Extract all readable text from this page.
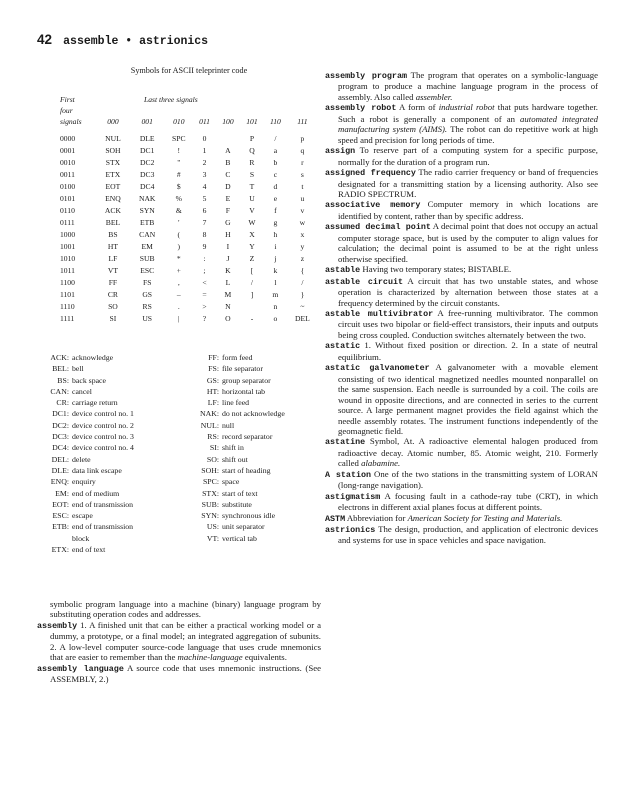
42 assemble • astrionics
Symbols for ASCII teleprinter code
First	Last three signals							
four								
signals	000	001	010	011	100	101	110	111

0000	NUL	DLE	SPC	0		P	/	p
0001	SOH	DC1	!	1	A	Q	a	q
0010	STX	DC2	"	2	B	R	b	r
0011	ETX	DC3	#	3	C	S	c	s
0100	EOT	DC4	$	4	D	T	d	t
0101	ENQ	NAK	%	5	E	U	e	u
0110	ACK	SYN	&	6	F	V	f	v
0111	BEL	ETB	'	7	G	W	g	w
1000	BS	CAN	(	8	H	X	h	x
1001	HT	EM	)	9	I	Y	i	y
1010	LF	SUB	*	:	J	Z	j	z
1011	VT	ESC	+	;	K	[	k	{
1100	FF	FS	,	<	L	/	l	/
1101	CR	GS	–	=	M	]	m	}
1110	SO	RS	.	>	N		n	~
1111	SI	US	|	?	O	-	o	DEL
ACK: acknowledge
BEL: bell
BS: back space
CAN: cancel
CR: carriage return
DC1: device control no. 1
DC2: device control no. 2
DC3: device control no. 3
DC4: device control no. 4
DEL: delete
DLE: data link escape
ENQ: enquiry
EM: end of medium
EOT: end of transmission
ESC: escape
ETB: end of transmission
block
ETX: end of text
FF: form feed
FS: file separator
GS: group separator
HT: horizontal tab
LF: line feed
NAK: do not acknowledge
NUL: null
RS: record separator
SI: shift in
SO: shift out
SOH: start of heading
SPC: space
STX: start of text
SUB: substitute
SYN: synchronous idle
US: unit separator
VT: vertical tab

symbolic program language into a machine (binary) language program by substituting operation codes and addresses.

assembly 1. A finished unit that can be either a practical working model or a dummy, a prototype, or a final model; an integrated aggregation of subunits. 2. A low-level computer source-code language that uses crude mnemonics that are easier to remember than the machine-language equivalents.

assembly language A source code that uses mnemonic instructions. (See ASSEMBLY, 2.)

assembly program The program that operates on a symbolic-language program to produce a machine language program in the process of assembly. Also called assembler.

assembly robot A form of industrial robot that puts hardware together. Such a robot is generally a component of an automated integrated manufacturing system (AIMS). The robot can do repetitive work at high speed and precision for long periods of time.

assign To reserve part of a computing system for a specific purpose, normally for the duration of a program run.

assigned frequency The radio carrier frequency or band of frequencies designated for a transmitting station by a licensing authority. Also see RADIO SPECTRUM.

associative memory Computer memory in which locations are identified by content, rather than by specific address.

assumed decimal point A decimal point that does not occupy an actual computer storage space, but is used by the computer to align values for calculation; the decimal point is assumed to be at the right unless otherwise specified.

astable Having two temporary states; BISTABLE.

astable circuit A circuit that has two unstable states, and whose operation is characterized by alternation between those states at a frequency determined by the circuit constants.

astable multivibrator A free-running multivibrator. The common circuit uses two bipolar or field-effect transistors, their inputs and outputs being cross coupled. Conduction switches alternately between the two.

astatic 1. Without fixed position or direction. 2. In a state of neutral equilibrium.

astatic galvanometer A galvanometer with a movable element consisting of two identical magnetized needles mounted nonparallel on the same suspension. Each needle is surrounded by a coil. The coils are wound in opposite directions, and are connected in series to the current source. A large permanent magnet provides the field against which the needle assembly rotates. The instrument functions independently of the geomagnetic field.

astatine Symbol, At. A radioactive elemental halogen produced from radioactive decay. Atomic number, 85. Atomic weight, 210. Formerly called alabamine.

A station One of the two stations in the transmitting system of LORAN (long-range navigation).

astigmatism A focusing fault in a cathode-ray tube (CRT), in which electrons in different axial planes focus at different points.

ASTM Abbreviation for American Society for Testing and Materials.

astrionics The design, production, and application of electronic devices and systems for use in space vehicles and space navigation.
